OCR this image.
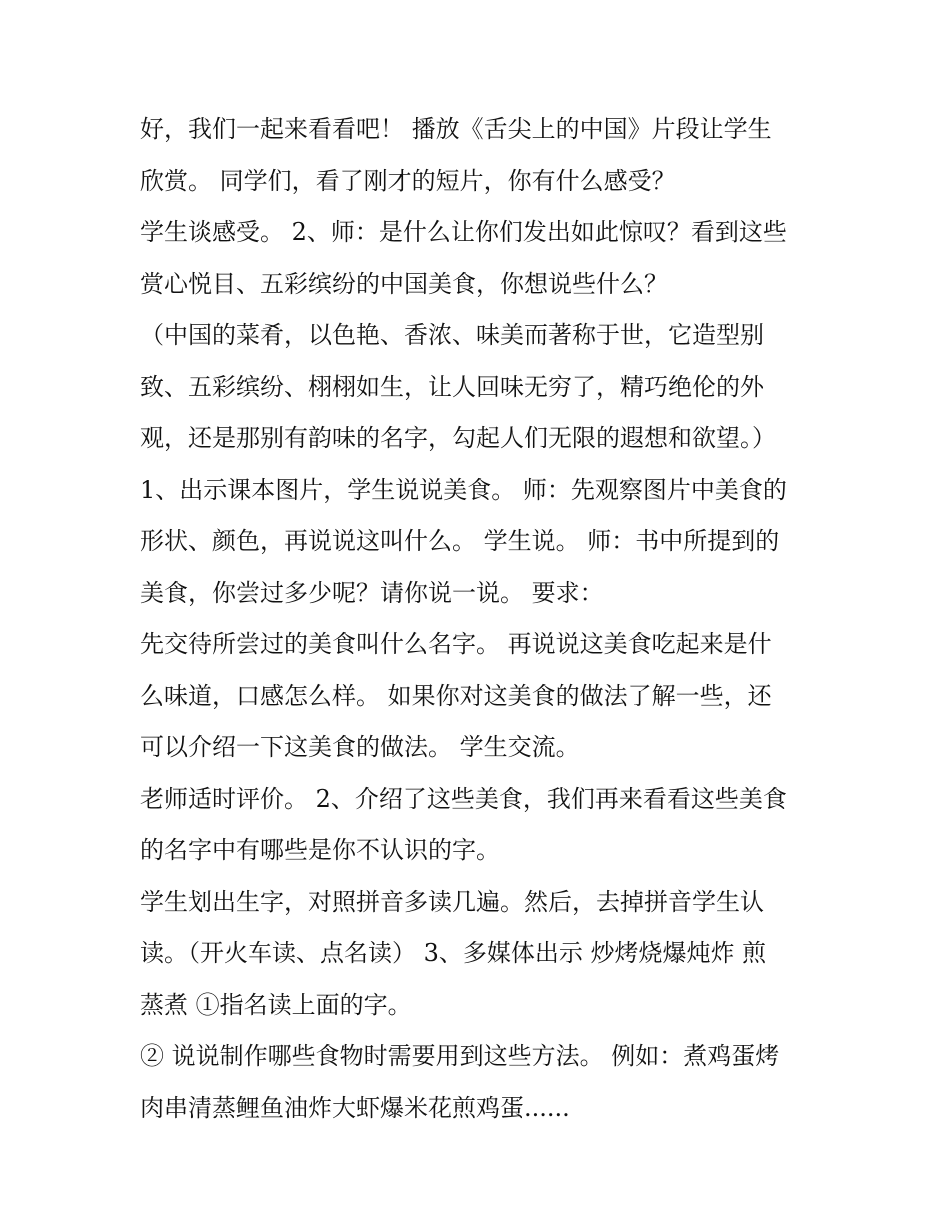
好，我们一起来看看吧！ 播放《舌尖上的中国》片段让学生
欣赏。 同学们，看了刚才的短片，你有什么感受？
学生谈感受。 2、师：是什么让你们发出如此惊叹？看到这些
赏心悦目、五彩缤纷的中国美食，你想说些什么？
（中国的菜肴，以色艳、香浓、味美而著称于世，它造型别
致、五彩缤纷、栩栩如生，让人回味无穷了，精巧绝伦的外
观，还是那别有韵味的名字，勾起人们无限的遐想和欲望。）
1、出示课本图片，学生说说美食。 师：先观察图片中美食的
形状、颜色，再说说这叫什么。 学生说。 师：书中所提到的
美食，你尝过多少呢？请你说一说。 要求：
先交待所尝过的美食叫什么名字。 再说说这美食吃起来是什
么味道，口感怎么样。 如果你对这美食的做法了解一些，还
可以介绍一下这美食的做法。 学生交流。
老师适时评价。 2、介绍了这些美食，我们再来看看这些美食
的名字中有哪些是你不认识的字。
学生划出生字，对照拼音多读几遍。然后，去掉拼音学生认
读。（开火车读、点名读） 3、多媒体出示 炒烤烧爆炖炸 煎
蒸煮 ①指名读上面的字。
② 说说制作哪些食物时需要用到这些方法。 例如：煮鸡蛋烤
肉串清蒸鲤鱼油炸大虾爆米花煎鸡蛋......
